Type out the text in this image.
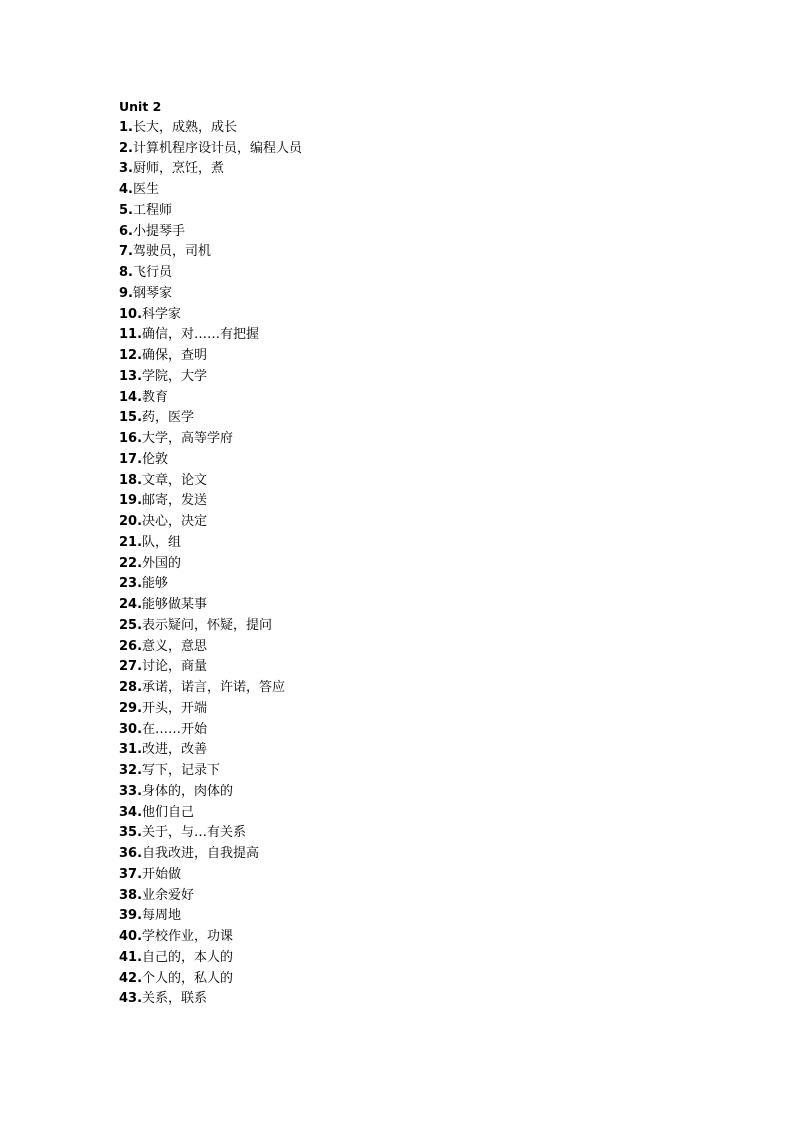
Unit 2
1.长大，成熟，成长
2.计算机程序设计员，编程人员
3.厨师，烹饪，煮
4.医生
5.工程师
6.小提琴手
7.驾驶员，司机
8.飞行员
9.钢琴家
10.科学家
11.确信，对……有把握
12.确保，查明
13.学院，大学
14.教育
15.药，医学
16.大学，高等学府
17.伦敦
18.文章，论文
19.邮寄，发送
20.决心，决定
21.队，组
22.外国的
23.能够
24.能够做某事
25.表示疑问，怀疑，提问
26.意义，意思
27.讨论，商量
28.承诺，诺言，许诺，答应
29.开头，开端
30.在……开始
31.改进，改善
32.写下，记录下
33.身体的，肉体的
34.他们自己
35.关于，与…有关系
36.自我改进，自我提高
37.开始做
38.业余爱好
39.每周地
40.学校作业，功课
41.自己的，本人的
42.个人的，私人的
43.关系，联系
